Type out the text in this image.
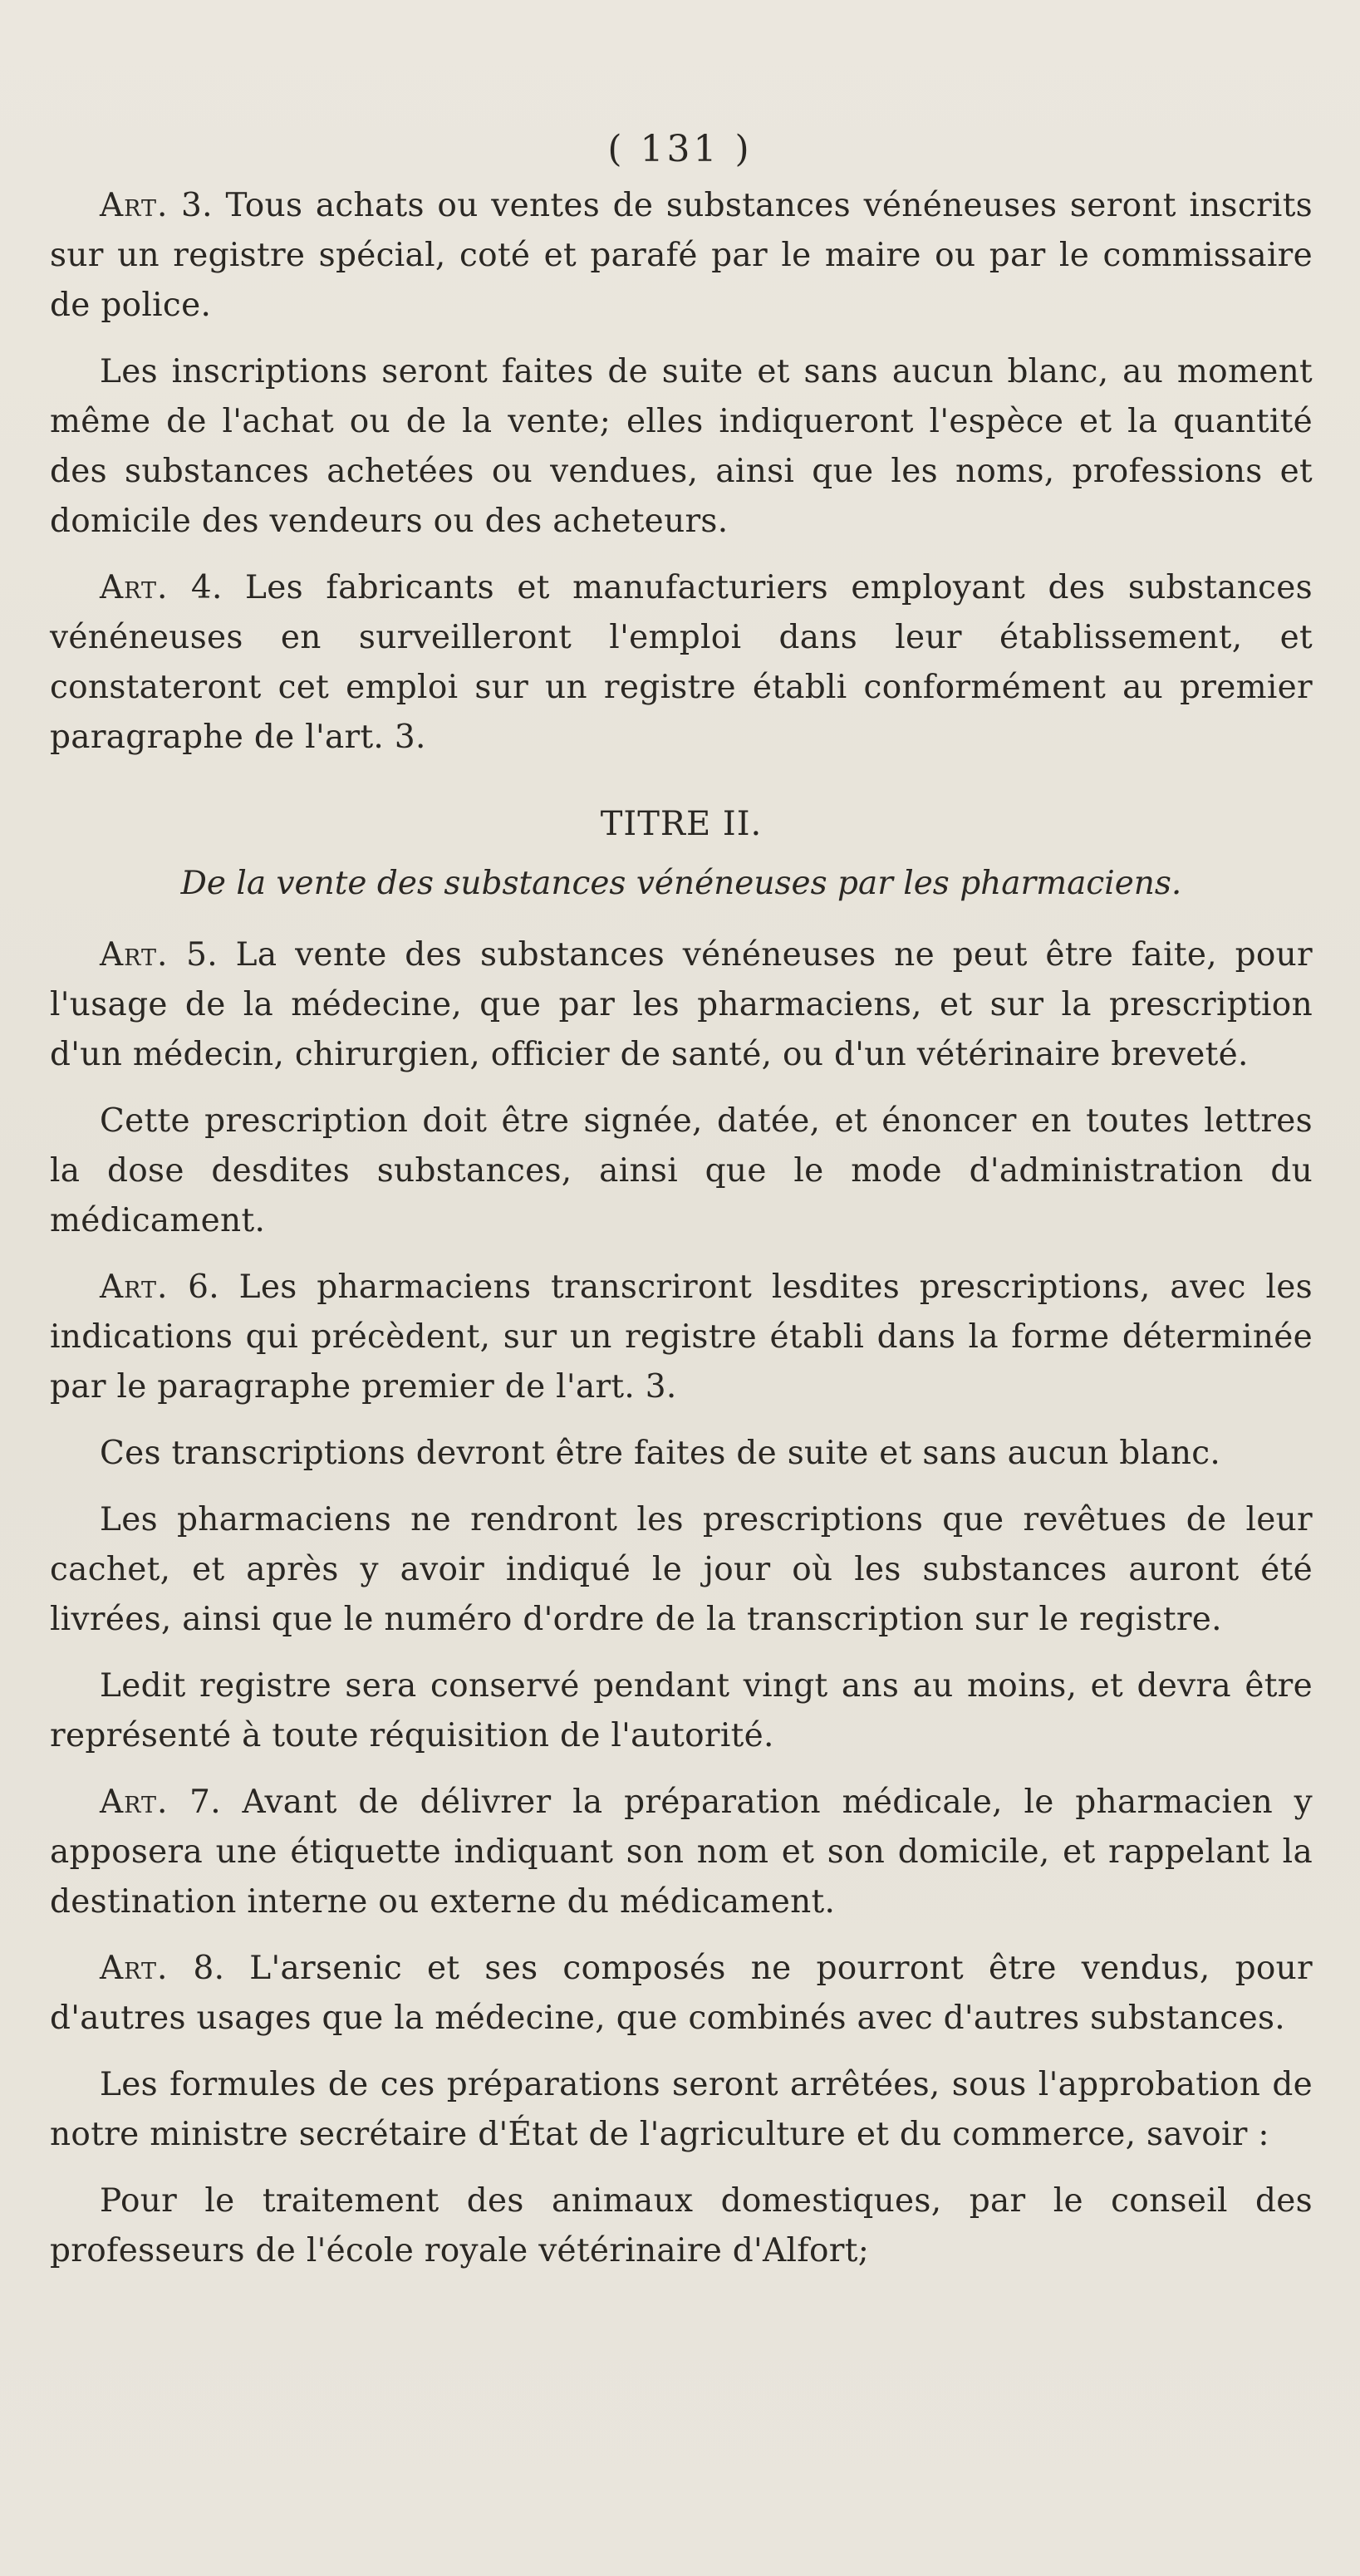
( 131 )

Art. 3. Tous achats ou ventes de substances vénéneuses seront inscrits sur un registre spécial, coté et parafé par le maire ou par le commissaire de police.

Les inscriptions seront faites de suite et sans aucun blanc, au moment même de l'achat ou de la vente; elles indiqueront l'espèce et la quantité des substances achetées ou vendues, ainsi que les noms, professions et domicile des vendeurs ou des acheteurs.

Art. 4. Les fabricants et manufacturiers employant des substances vénéneuses en surveilleront l'emploi dans leur établissement, et constateront cet emploi sur un registre établi conformément au premier paragraphe de l'art. 3.

TITRE II.
De la vente des substances vénéneuses par les pharmaciens.

Art. 5. La vente des substances vénéneuses ne peut être faite, pour l'usage de la médecine, que par les pharmaciens, et sur la prescription d'un médecin, chirurgien, officier de santé, ou d'un vétérinaire breveté.

Cette prescription doit être signée, datée, et énoncer en toutes lettres la dose desdites substances, ainsi que le mode d'administration du médicament.

Art. 6. Les pharmaciens transcriront lesdites prescriptions, avec les indications qui précèdent, sur un registre établi dans la forme déterminée par le paragraphe premier de l'art. 3.

Ces transcriptions devront être faites de suite et sans aucun blanc.

Les pharmaciens ne rendront les prescriptions que revêtues de leur cachet, et après y avoir indiqué le jour où les substances auront été livrées, ainsi que le numéro d'ordre de la transcription sur le registre.

Ledit registre sera conservé pendant vingt ans au moins, et devra être représenté à toute réquisition de l'autorité.

Art. 7. Avant de délivrer la préparation médicale, le pharmacien y apposera une étiquette indiquant son nom et son domicile, et rappelant la destination interne ou externe du médicament.

Art. 8. L'arsenic et ses composés ne pourront être vendus, pour d'autres usages que la médecine, que combinés avec d'autres substances.

Les formules de ces préparations seront arrêtées, sous l'approbation de notre ministre secrétaire d'État de l'agriculture et du commerce, savoir :

Pour le traitement des animaux domestiques, par le conseil des professeurs de l'école royale vétérinaire d'Alfort;
